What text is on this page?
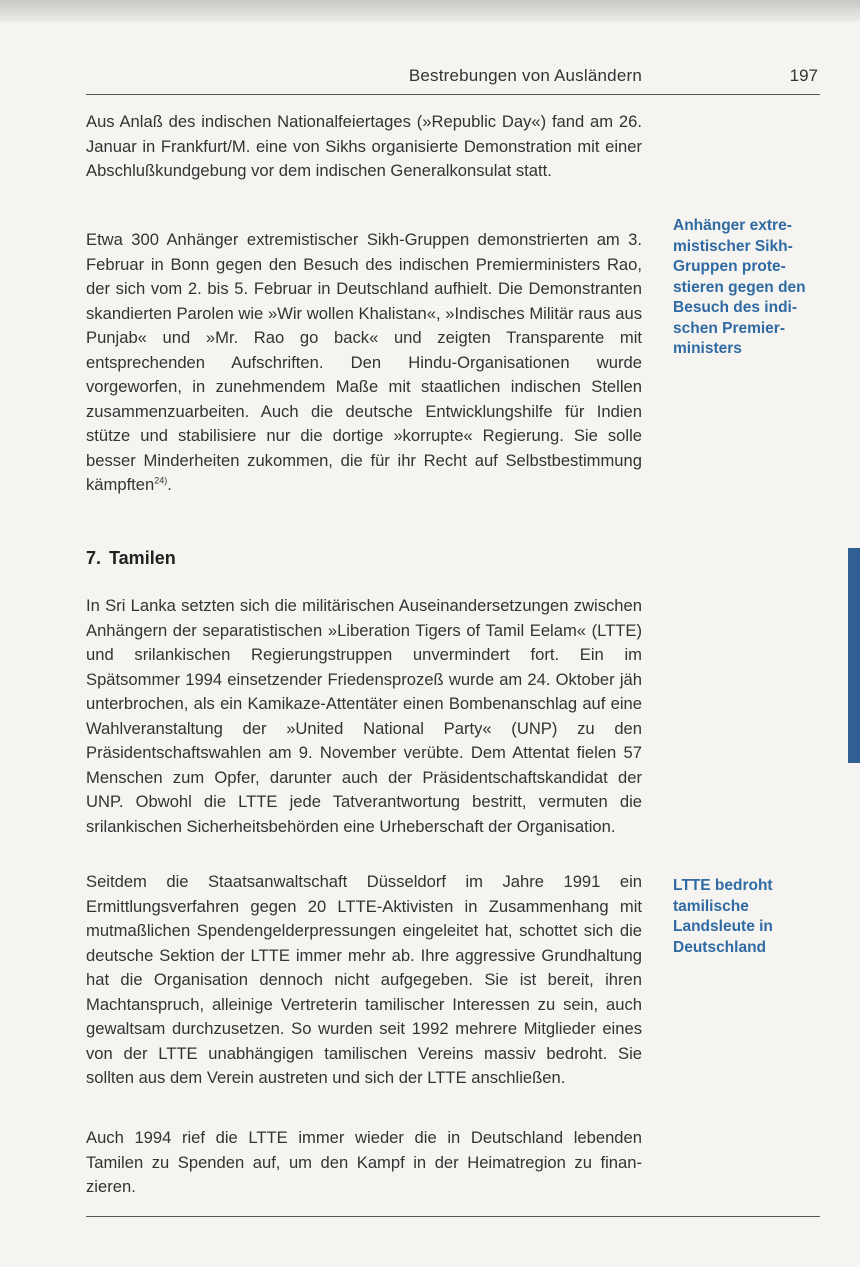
Bestrebungen von Ausländern	197

Aus Anlaß des indischen Nationalfeiertages (»Republic Day«) fand am 26. Januar in Frankfurt/M. eine von Sikhs organisierte Demonstration mit einer Abschlußkundgebung vor dem indischen Generalkonsulat statt.

Etwa 300 Anhänger extremistischer Sikh-Gruppen demonstrierten am 3. Februar in Bonn gegen den Besuch des indischen Premierministers Rao, der sich vom 2. bis 5. Februar in Deutschland aufhielt. Die Demonstranten skandierten Parolen wie »Wir wollen Khalistan«, »Indisches Militär raus aus Punjab« und »Mr. Rao go back« und zeigten Transparente mit entsprechenden Aufschriften. Den Hindu-Organisationen wurde vorgeworfen, in zunehmendem Maße mit staatlichen indischen Stellen zusammenzuarbeiten. Auch die deutsche Entwicklungshilfe für Indien stütze und stabilisiere nur die dortige »korrupte« Regierung. Sie solle besser Minderheiten zukommen, die für ihr Recht auf Selbstbestimmung kämpften$^{24)}$.

Anhänger extremistischer Sikh-Gruppen protestieren gegen den Besuch des indischen Premierministers

7. Tamilen

In Sri Lanka setzten sich die militärischen Auseinandersetzungen zwischen Anhängern der separatistischen »Liberation Tigers of Tamil Eelam« (LTTE) und srilankischen Regierungstruppen unvermindert fort. Ein im Spätsommer 1994 einsetzender Friedensprozeß wurde am 24. Oktober jäh unterbrochen, als ein Kamikaze-Attentäter einen Bombenanschlag auf eine Wahlveranstaltung der »United National Party« (UNP) zu den Präsidentschaftswahlen am 9. November verübte. Dem Attentat fielen 57 Menschen zum Opfer, darunter auch der Präsidentschaftskandidat der UNP. Obwohl die LTTE jede Tatverantwortung bestritt, vermuten die srilankischen Sicherheitsbehörden eine Urheberschaft der Organisation.

Seitdem die Staatsanwaltschaft Düsseldorf im Jahre 1991 ein Ermittlungsverfahren gegen 20 LTTE-Aktivisten in Zusammenhang mit mutmaßlichen Spendengelderpressungen eingeleitet hat, schottet sich die deutsche Sektion der LTTE immer mehr ab. Ihre aggressive Grundhaltung hat die Organisation dennoch nicht aufgegeben. Sie ist bereit, ihren Machtanspruch, alleinige Vertreterin tamilischer Interessen zu sein, auch gewaltsam durchzusetzen. So wurden seit 1992 mehrere Mitglieder eines von der LTTE unabhängigen tamilischen Vereins massiv bedroht. Sie sollten aus dem Verein austreten und sich der LTTE anschließen.

LTTE bedroht tamilische Landsleute in Deutschland

Auch 1994 rief die LTTE immer wieder die in Deutschland lebenden Tamilen zu Spenden auf, um den Kampf in der Heimatregion zu finanzieren.
